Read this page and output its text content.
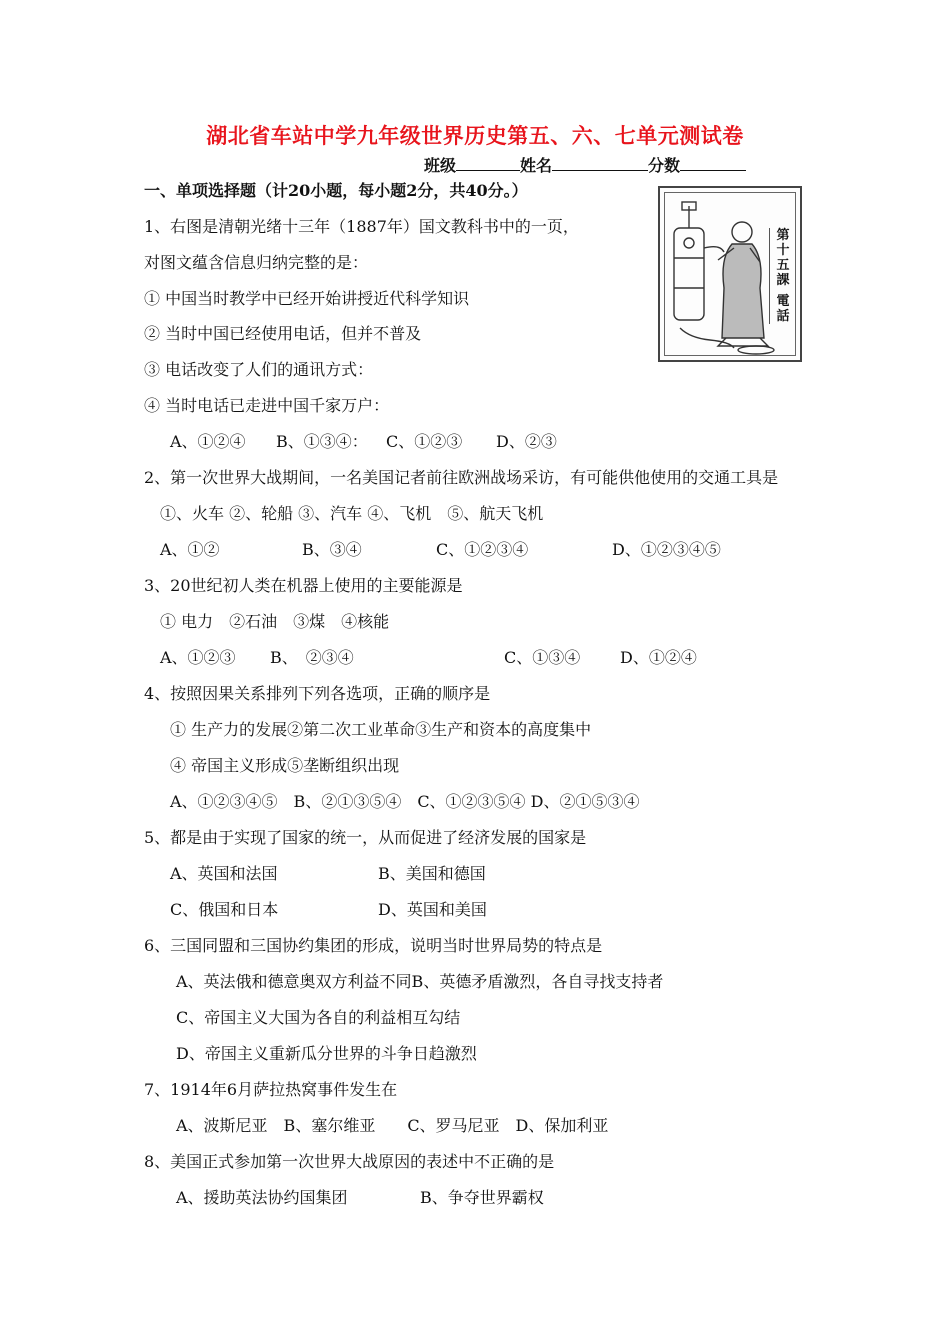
湖北省车站中学九年级世界历史第五、六、七单元测试卷
班级	姓名	分数
一、单项选择题（计20小题，每小题2分，共40分。）
第十五課
電話
1、右图是清朝光绪十三年（1887年）国文教科书中的一页，
对图文蕴含信息归纳完整的是：
① 中国当时教学中已经开始讲授近代科学知识
② 当时中国已经使用电话，但并不普及
③ 电话改变了人们的通讯方式：
④ 当时电话已走进中国千家万户：
A、①②④ B、①③④： C、①②③ D、②③
2、第一次世界大战期间，一名美国记者前往欧洲战场采访，有可能供他使用的交通工具是
①、火车 ②、轮船 ③、汽车 ④、飞机　⑤、航天飞机
A、①②	B、③④	C、①②③④	D、①②③④⑤
3、20世纪初人类在机器上使用的主要能源是
① 电力　②石油　③煤　④核能
A、①②③ B、　②③④	C、①③④ D、①②④
4、按照因果关系排列下列各选项，正确的顺序是
① 生产力的发展②第二次工业革命③生产和资本的高度集中
④ 帝国主义形成⑤垄断组织出现
A、①②③④⑤　B、②①③⑤④　C、①②③⑤④ D、②①⑤③④
5、都是由于实现了国家的统一，从而促进了经济发展的国家是
A、英国和法国	B、美国和德国
C、俄国和日本	D、英国和美国
6、三国同盟和三国协约集团的形成，说明当时世界局势的特点是
A、英法俄和德意奥双方利益不同B、英德矛盾激烈，各自寻找支持者
C、帝国主义大国为各自的利益相互勾结
D、帝国主义重新瓜分世界的斗争日趋激烈
7、1914年6月萨拉热窝事件发生在
A、波斯尼亚　B、塞尔维亚　　C、罗马尼亚　D、保加利亚
8、美国正式参加第一次世界大战原因的表述中不正确的是
A、援助英法协约国集团	B、争夺世界霸权
